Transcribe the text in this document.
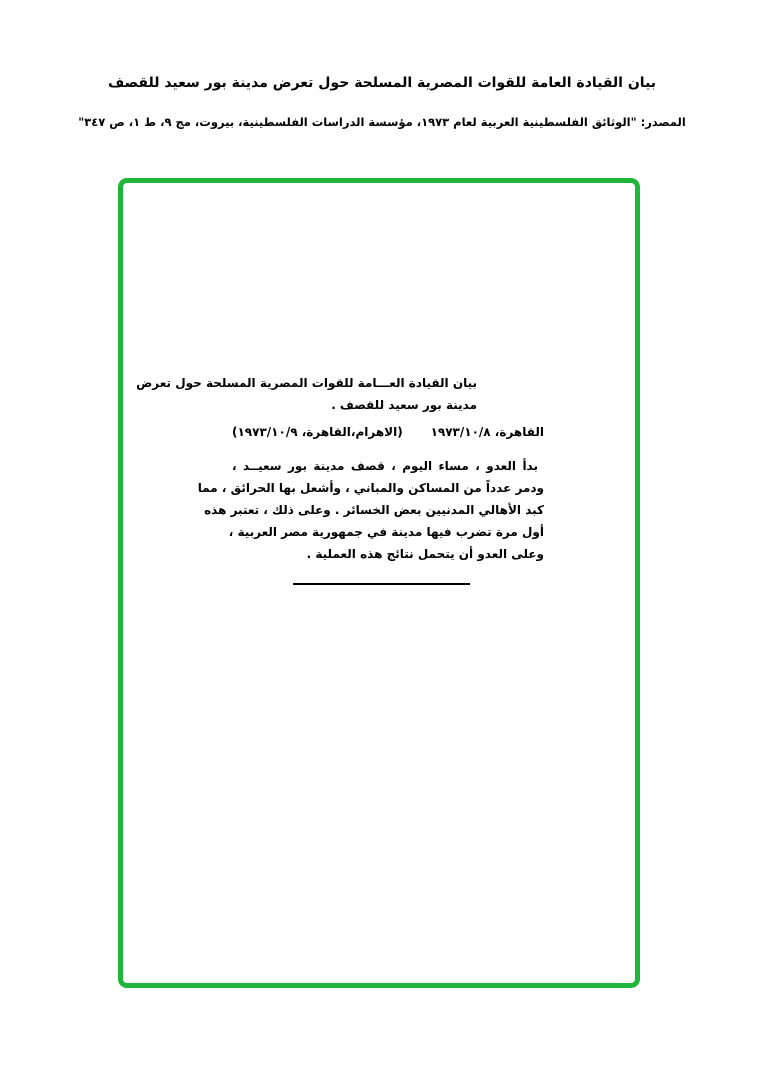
بيان القيادة العامة للقوات المصرية المسلحة حول تعرض مدينة بور سعيد للقصف
المصدر: "الوثائق الفلسطينية العربية لعام ١٩٧٣، مؤسسة الدراسات الفلسطينية، بيروت، مج ٩، ط ١، ص ٣٤٧"
بيان القيادة العـــامة للقوات المصرية المسلحة حول تعرض
مدينة بور سعيد للقصف .
القاهرة، ١٩٧٣/١٠/٨
(الاهرام،القاهرة، ١٩٧٣/١٠/٩)
بدأ العدو ، مساء اليوم ، قصف مدينة بور سعيــد ،
ودمر عدداً من المساكن والمباني ، وأشعل بها الحرائق ، مما
كبد الأهالي المدنيين بعض الخسائر . وعلى ذلك ، تعتبر هذه
أول مرة تضرب فيها مدينة في جمهورية مصر العربية ،
وعلى العدو أن يتحمل نتائج هذه العملية .
